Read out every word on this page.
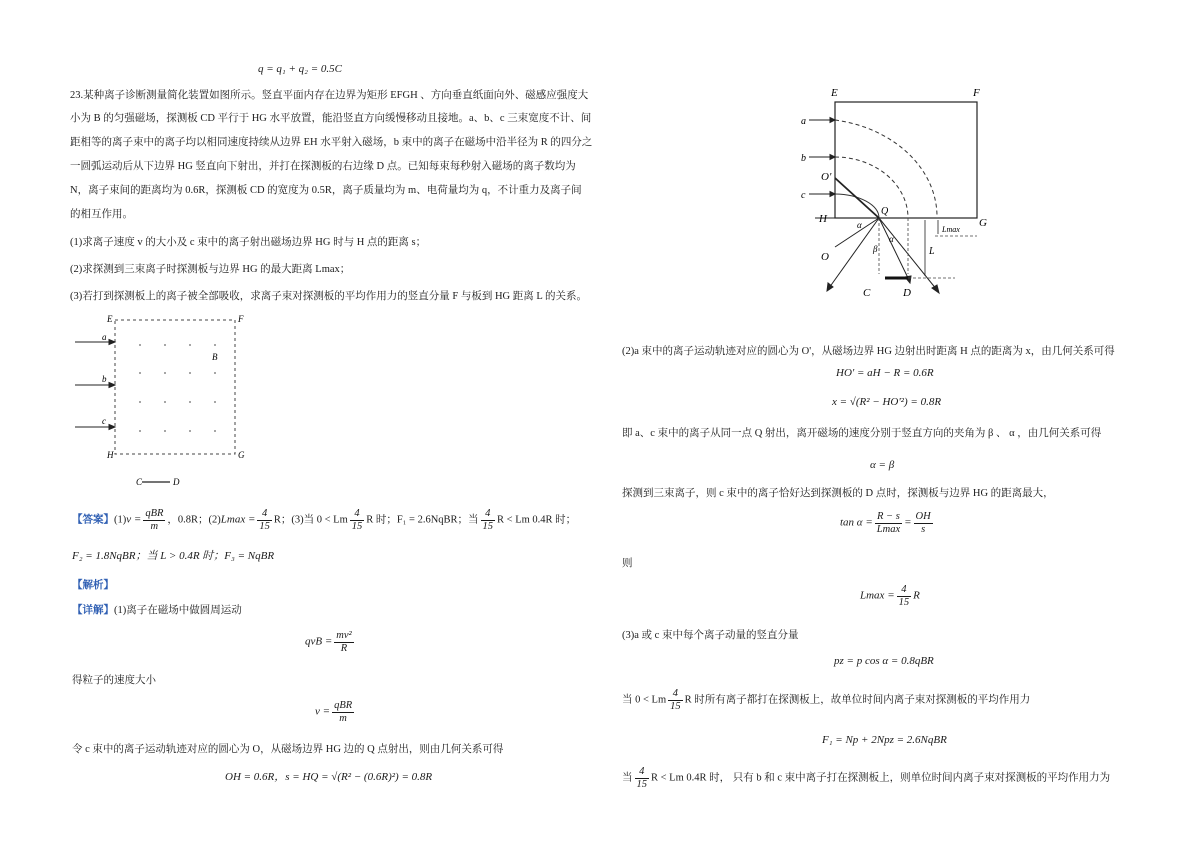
q = q₁ + q₂ = 0.5C
23.某种离子诊断测量简化装置如图所示。竖直平面内存在边界为矩形 EFGH 、方向垂直纸面向外、磁感应强度大
小为 B 的匀强磁场，探测板 CD 平行于 HG 水平放置，能沿竖直方向缓慢移动且接地。a、b、c 三束宽度不计、间
距相等的离子束中的离子均以相同速度持续从边界 EH 水平射入磁场，b 束中的离子在磁场中沿半径为 R 的四分之
一圆弧运动后从下边界 HG 竖直向下射出，并打在探测板的右边缘 D 点。已知每束每秒射入磁场的离子数均为
N，离子束间的距离均为 0.6R，探测板 CD 的宽度为 0.5R，离子质量均为 m、电荷量均为 q，不计重力及离子间
的相互作用。
(1)求离子速度 v 的大小及 c 束中的离子射出磁场边界 HG 时与 H 点的距离 s；
(2)求探测到三束离子时探测板与边界 HG 的最大距离 Lmax；
(3)若打到探测板上的离子被全部吸收，求离子束对探测板的平均作用力的竖直分量 F 与板到 HG 距离 L 的关系。
E	F
G
H
B
a
b
c
C	D
【答案】$(1)v = \frac{\text{qBR}}{m}$ ，0.8R；$(2)Lmax = \frac{4}{15}$ R；(3)当 0 < Lm $\frac{4}{15}$ R 时；F₁ = 2.6NqBR；当 $\frac{4}{15}$ R < Lm 0.4R 时；
F₂ = 1.8NqBR；当 L > 0.4R 时；F₃ = NqBR
【解析】
【详解】(1)离子在磁场中做圆周运动
qvB = $\frac{\text{mv²}}{R}$
得粒子的速度大小
$v = \frac{\text{qBR}}{m}$
令 c 束中的离子运动轨迹对应的圆心为 O，从磁场边界 HG 边的 Q 点射出，则由几何关系可得
OH = 0.6R，s = HQ = √(R² − (0.6R)²) = 0.8R
E	F
G
H
a
b
c
O'
Q
O
α
β
α
Lmax
L
C	D
(2)a 束中的离子运动轨迹对应的圆心为 O'，从磁场边界 HG 边射出时距离 H 点的距离为 x，由几何关系可得
HO' = aH − R = 0.6R
x = √(R² − HO'²) = 0.8R
即 a、c 束中的离子从同一点 Q 射出，离开磁场的速度分别于竖直方向的夹角为 β 、 α ，由几何关系可得
α = β
探测到三束离子，则 c 束中的离子恰好达到探测板的 D 点时，探测板与边界 HG 的距离最大，
$\tan \alpha = \frac{R - s}{Lmax} = \frac{OH}{s}$
则
$Lmax = \frac{4}{15}$ R
(3)a 或 c 束中每个离子动量的竖直分量
pz = p cos α = 0.8qBR
当 0 < Lm $\frac{4}{15}$ R 时所有离子都打在探测板上，故单位时间内离子束对探测板的平均作用力
F₁ = Np + 2Npz = 2.6NqBR
当 $\frac{4}{15}$ R < Lm 0.4R 时， 只有 b 和 c 束中离子打在探测板上，则单位时间内离子束对探测板的平均作用力为
